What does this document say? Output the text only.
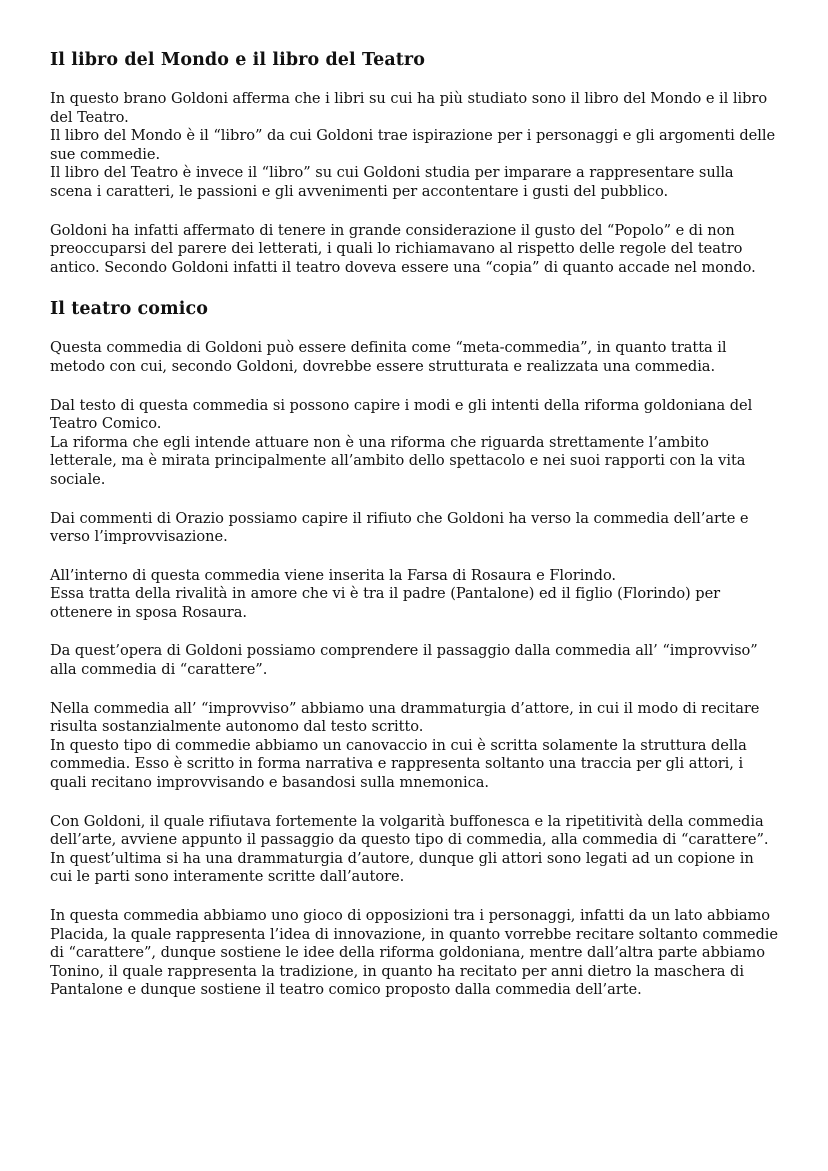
Il libro del Mondo e il libro del Teatro

In questo brano Goldoni afferma che i libri su cui ha più studiato sono il libro del Mondo e il libro del Teatro.
Il libro del Mondo è il “libro” da cui Goldoni trae ispirazione per i personaggi e gli argomenti delle sue commedie.
Il libro del Teatro è invece il “libro” su cui Goldoni studia per imparare a rappresentare sulla scena i caratteri, le passioni e gli avvenimenti per accontentare i gusti del pubblico.

Goldoni ha infatti affermato di tenere in grande considerazione il gusto del “Popolo” e di non preoccuparsi del parere dei letterati, i quali lo richiamavano al rispetto delle regole del teatro antico. Secondo Goldoni infatti il teatro doveva essere una “copia” di quanto accade nel mondo.

Il teatro comico

Questa commedia di Goldoni può essere definita come “meta-commedia”, in quanto tratta il metodo con cui, secondo Goldoni, dovrebbe essere strutturata e realizzata una commedia.

Dal testo di questa commedia si possono capire i modi e gli intenti della riforma goldoniana del Teatro Comico.
La riforma che egli intende attuare non è una riforma che riguarda strettamente l’ambito letterale, ma è mirata principalmente all’ambito dello spettacolo e nei suoi rapporti con la vita sociale.

Dai commenti di Orazio possiamo capire il rifiuto che Goldoni ha verso la commedia dell’arte e verso l’improvvisazione.

All’interno di questa commedia viene inserita la Farsa di Rosaura e Florindo.
Essa tratta della rivalità in amore che vi è tra il padre (Pantalone) ed il figlio (Florindo) per ottenere in sposa Rosaura.

Da quest’opera di Goldoni possiamo comprendere il passaggio dalla commedia all’ “improvviso” alla commedia di “carattere”.

Nella commedia all’ “improvviso” abbiamo una drammaturgia d’attore, in cui il modo di recitare risulta sostanzialmente autonomo dal testo scritto.
In questo tipo di commedie abbiamo un canovaccio in cui è scritta solamente la struttura della commedia. Esso è scritto in forma narrativa e rappresenta soltanto una traccia per gli attori, i quali recitano improvvisando e basandosi sulla mnemonica.

Con Goldoni, il quale rifiutava fortemente la volgarità buffonesca e la ripetitività della commedia dell’arte, avviene appunto il passaggio da questo tipo di commedia, alla commedia di “carattere”.
In quest’ultima si ha una drammaturgia d’autore, dunque gli attori sono legati ad un copione in cui le parti sono interamente scritte dall’autore.

In questa commedia abbiamo uno gioco di opposizioni tra i personaggi, infatti da un lato abbiamo Placida, la quale rappresenta l’idea di innovazione, in quanto vorrebbe recitare soltanto commedie di “carattere”, dunque sostiene le idee della riforma goldoniana, mentre dall’altra parte abbiamo Tonino, il quale rappresenta la tradizione, in quanto ha recitato per anni dietro la maschera di Pantalone e dunque sostiene il teatro comico proposto dalla commedia dell’arte.
